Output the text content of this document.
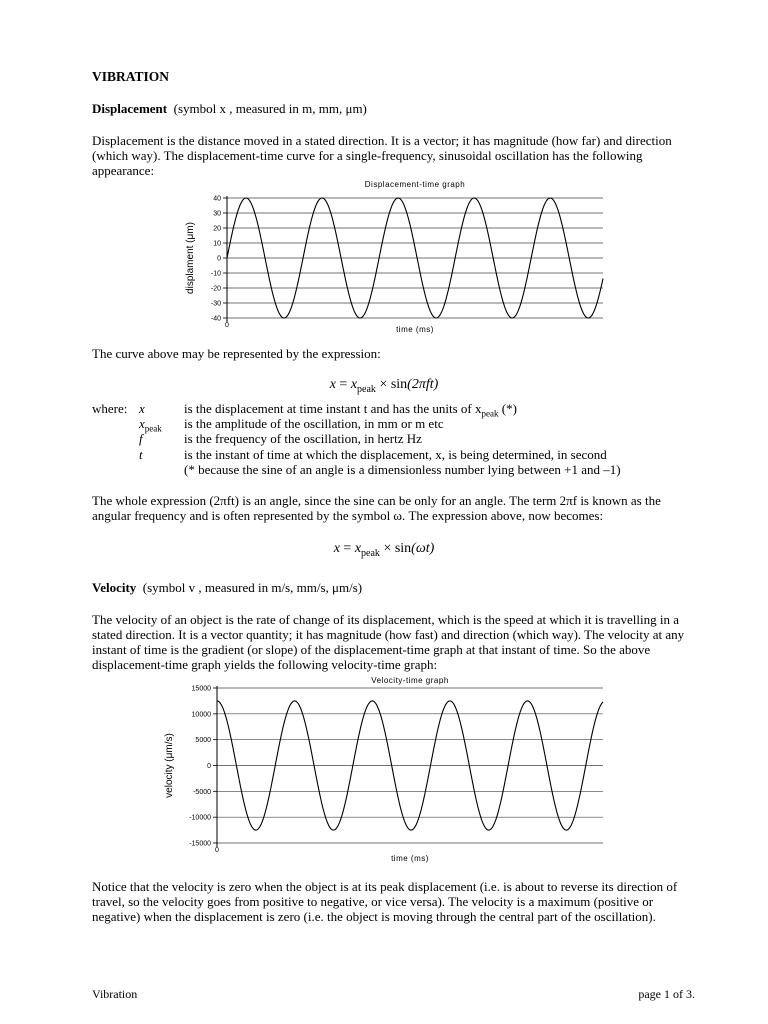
VIBRATION
Displacement (symbol x , measured in m, mm, μm)

Displacement is the distance moved in a stated direction. It is a vector; it has magnitude (how far) and direction (which way). The displacement-time curve for a single-frequency, sinusoidal oscillation has the following appearance:

Displacement-time graph
40
30
20
10
0
-10
-20
-30
-40
0	time (ms)
displament (μm)

The curve above may be represented by the expression:

$x = x_{peak} \times \sin(2\pi ft)$
where: x	is the displacement at time instant t and has the units of $x_{peak}$ (*)
$x_{peak}$	is the amplitude of the oscillation, in mm or m etc
f	is the frequency of the oscillation, in hertz Hz
t	is the instant of time at which the displacement, x, is being determined, in second
(* because the sine of an angle is a dimensionless number lying between +1 and –1)

The whole expression (2πft) is an angle, since the sine can be only for an angle. The term 2πf is known as the angular frequency and is often represented by the symbol ω. The expression above, now becomes:

$x = x_{peak} \times \sin(\omega t)$
Velocity (symbol v , measured in m/s, mm/s, μm/s)

The velocity of an object is the rate of change of its displacement, which is the speed at which it is travelling in a stated direction. It is a vector quantity; it has magnitude (how fast) and direction (which way). The velocity at any instant of time is the gradient (or slope) of the displacement-time graph at that instant of time. So the above displacement-time graph yields the following velocity-time graph:

Velocity-time graph
15000
10000
5000
0
-5000
-10000
-15000
0
time (ms)
velocity (μm/s)

Notice that the velocity is zero when the object is at its peak displacement (i.e. is about to reverse its direction of travel, so the velocity goes from positive to negative, or vice versa). The velocity is a maximum (positive or negative) when the displacement is zero (i.e. the object is moving through the central part of the oscillation).

Vibration	page 1 of 3.
